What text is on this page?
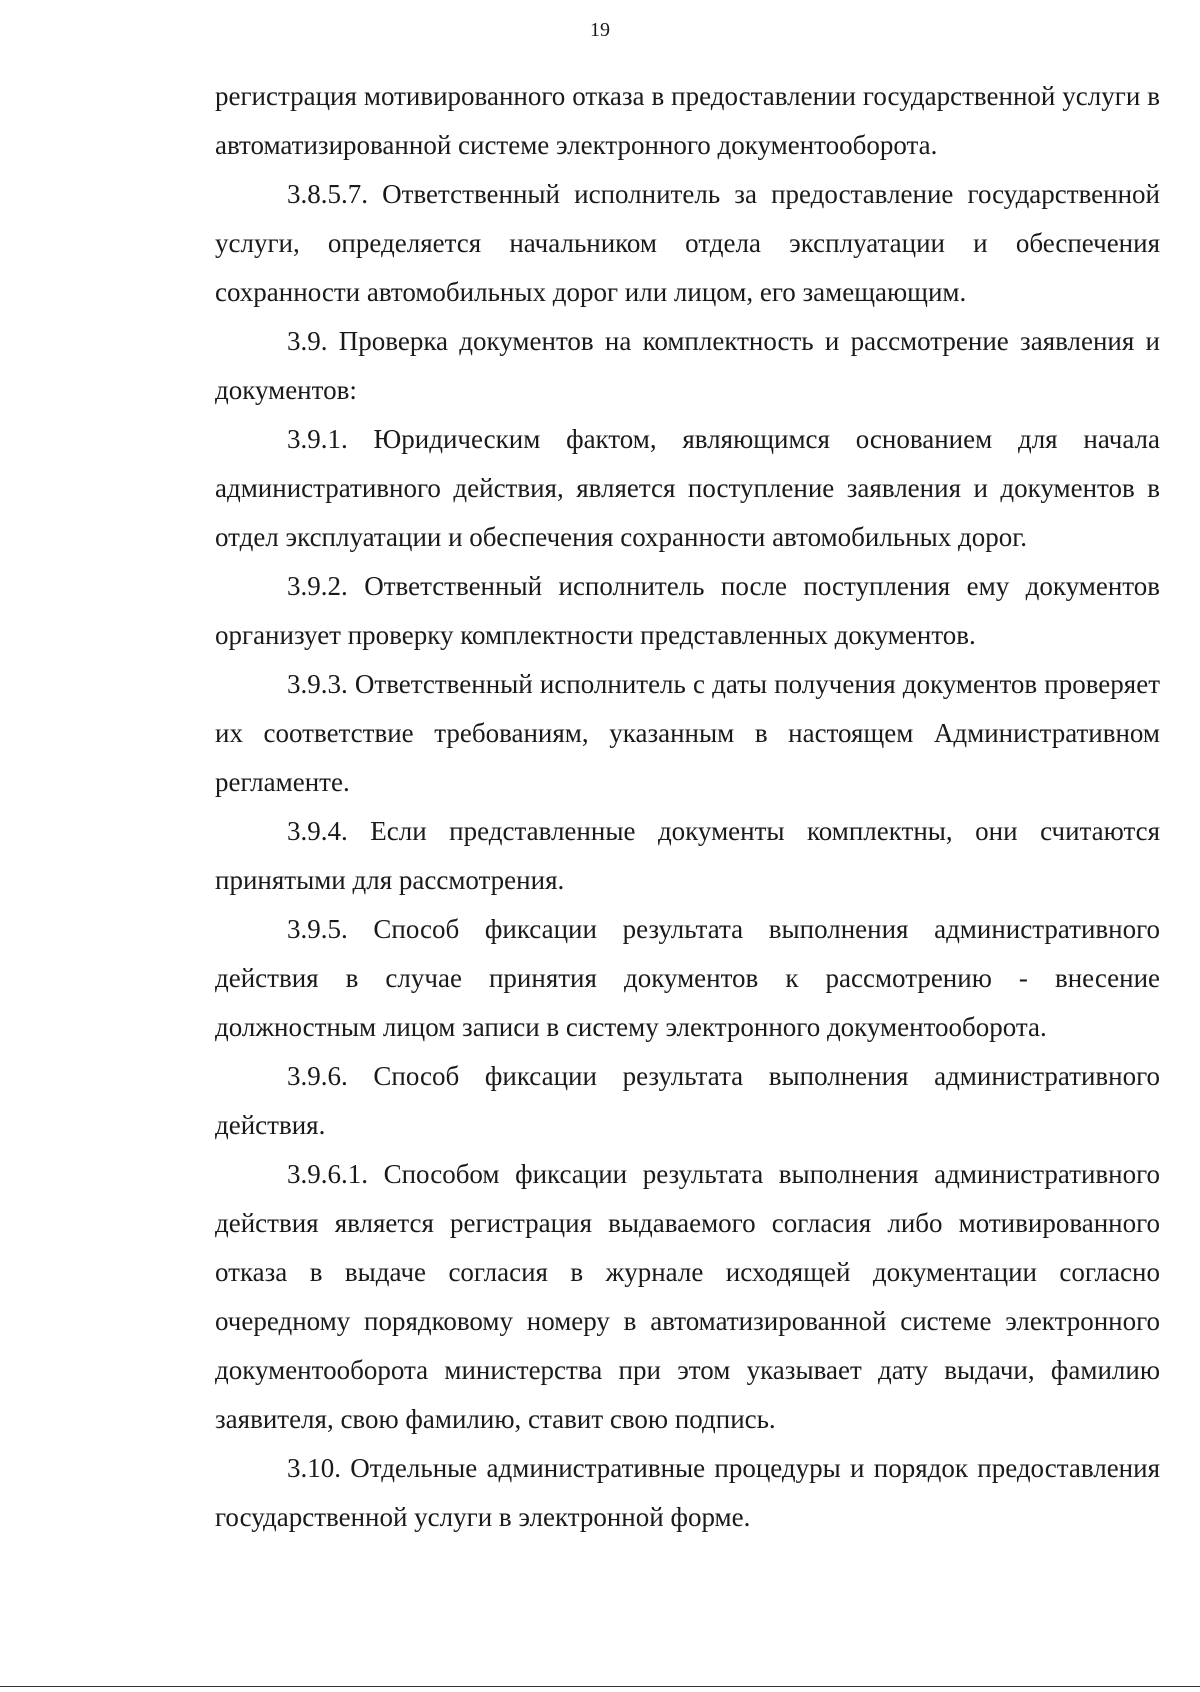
19

регистрация мотивированного отказа в предоставлении государственной услуги в автоматизированной системе электронного документооборота.

3.8.5.7. Ответственный исполнитель за предоставление государственной услуги, определяется начальником отдела эксплуатации и обеспечения сохранности автомобильных дорог или лицом, его замещающим.

3.9. Проверка документов на комплектность и рассмотрение заявления и документов:

3.9.1. Юридическим фактом, являющимся основанием для начала административного действия, является поступление заявления и документов в отдел эксплуатации и обеспечения сохранности автомобильных дорог.

3.9.2. Ответственный исполнитель после поступления ему документов организует проверку комплектности представленных документов.

3.9.3. Ответственный исполнитель с даты получения документов проверяет их соответствие требованиям, указанным в настоящем Административном регламенте.

3.9.4. Если представленные документы комплектны, они считаются принятыми для рассмотрения.

3.9.5. Способ фиксации результата выполнения административного действия в случае принятия документов к рассмотрению - внесение должностным лицом записи в систему электронного документооборота.

3.9.6. Способ фиксации результата выполнения административного действия.

3.9.6.1. Способом фиксации результата выполнения административного действия является регистрация выдаваемого согласия либо мотивированного отказа в выдаче согласия в журнале исходящей документации согласно очередному порядковому номеру в автоматизированной системе электронного документооборота министерства при этом указывает дату выдачи, фамилию заявителя, свою фамилию, ставит свою подпись.

3.10. Отдельные административные процедуры и порядок предоставления государственной услуги в электронной форме.
